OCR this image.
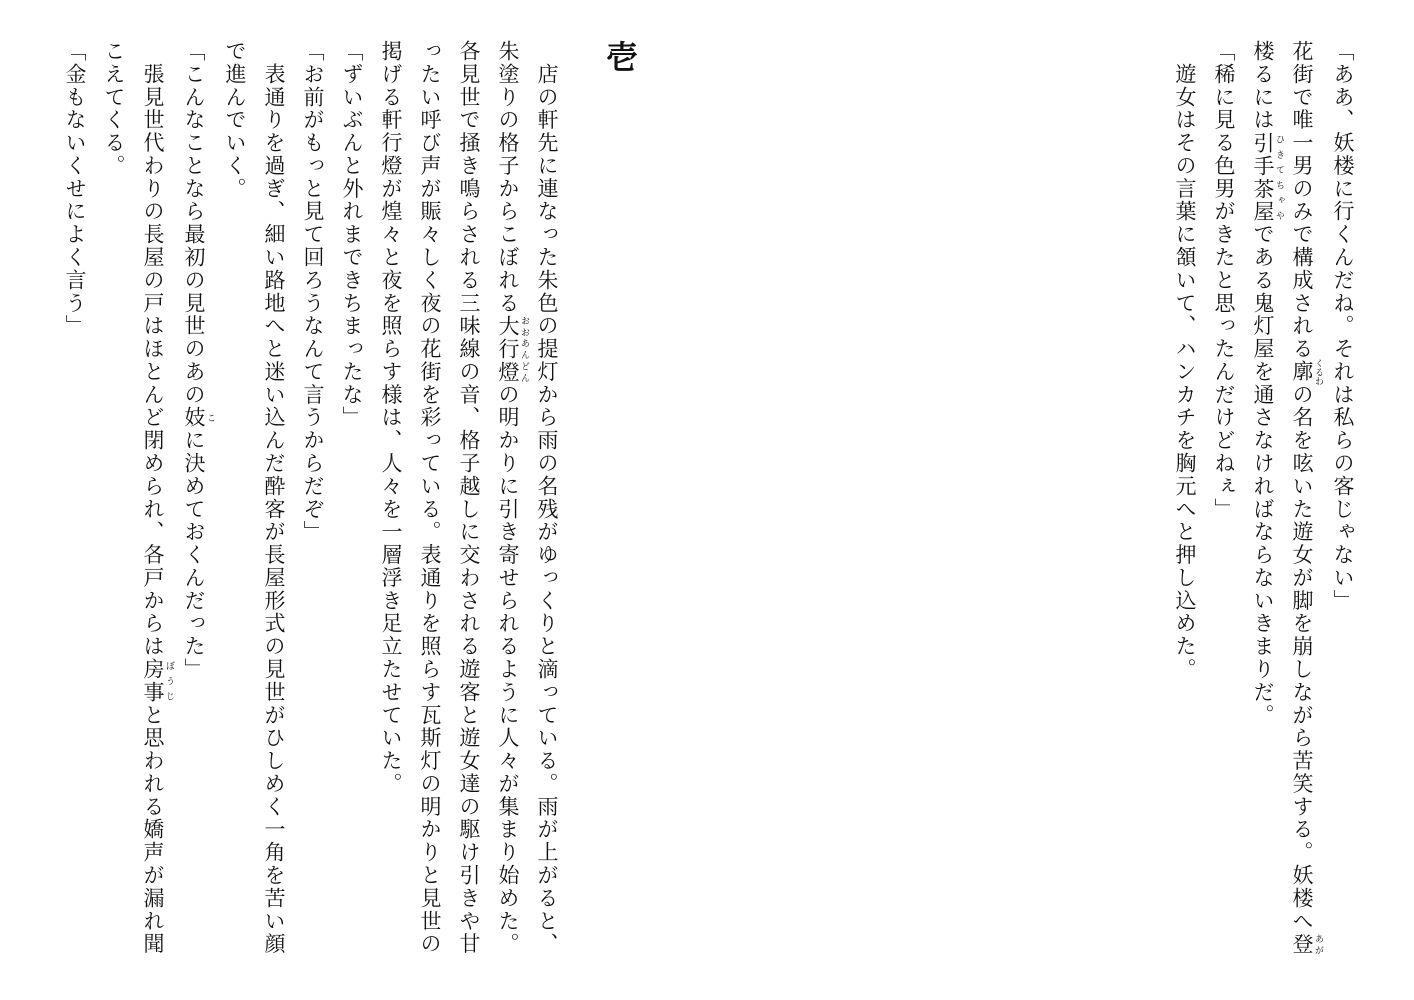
「ああ、妖楼に行くんだね。それは私らの客じゃない」

花街で唯一男のみで構成される廓 くるわの名を呟いた遊女が脚を崩しながら苦笑する。妖楼へ登 あが楼るには引手茶屋 ひきてちゃやである鬼灯屋を通さなければならないきまりだ。

「稀に見る色男がきたと思ったんだけどねぇ」

　遊女はその言葉に頷いて、ハンカチを胸元へと押し込めた。

壱

　店の軒先に連なった朱色の提灯から雨の名残がゆっくりと滴っている。雨が上がると、朱塗りの格子からこぼれる大行燈 おおあんどんの明かりに引き寄せられるように人々が集まり始めた。各見世で掻き鳴らされる三味線の音、格子越しに交わされる遊客と遊女達の駆け引きや甘ったい呼び声が賑々しく夜の花街を彩っている。表通りを照らす瓦斯灯の明かりと見世の掲げる軒行燈が煌々と夜を照らす様は、人々を一層浮き足立たせていた。

「ずいぶんと外れまできちまったな」

「お前がもっと見て回ろうなんて言うからだぞ」

　表通りを過ぎ、細い路地へと迷い込んだ酔客が長屋形式の見世がひしめく一角を苦い顔で進んでいく。

「こんなことなら最初の見世のあの妓 こに決めておくんだった」

　張見世代わりの長屋の戸はほとんど閉められ、各戸からは房事 ぼうじと思われる嬌声が漏れ聞こえてくる。

「金もないくせによく言う」
